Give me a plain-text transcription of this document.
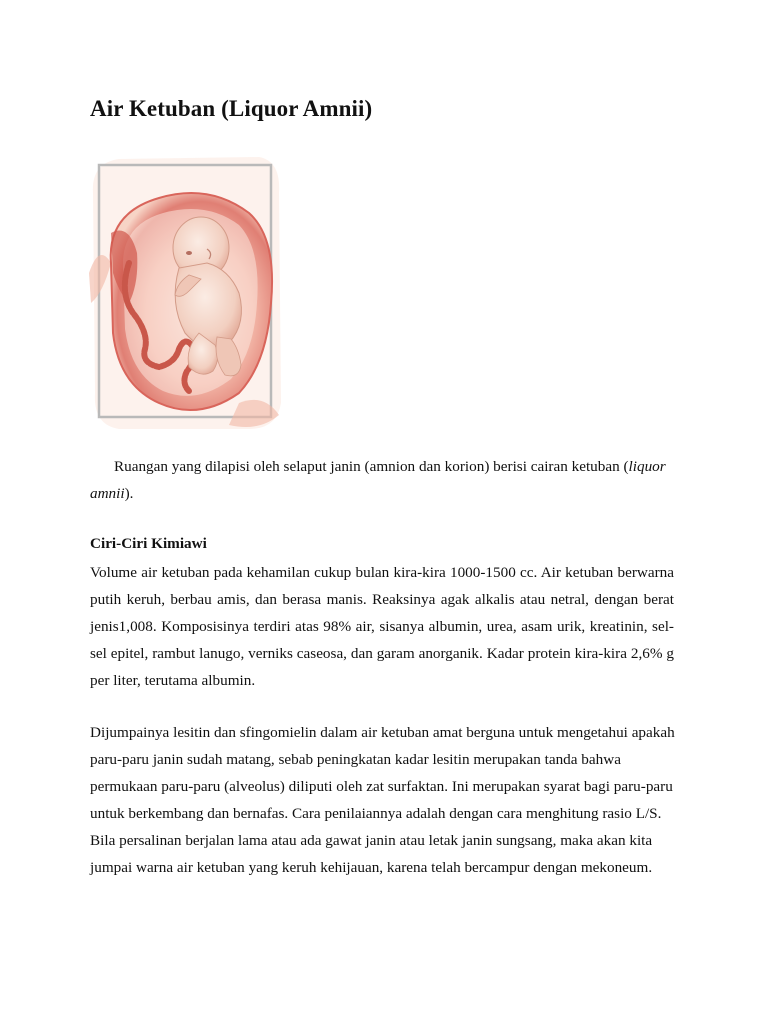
Air Ketuban (Liquor Amnii)

Ruangan yang dilapisi oleh selaput janin (amnion dan korion) berisi cairan ketuban (liquor amnii).

Ciri-Ciri Kimiawi

Volume air ketuban pada kehamilan cukup bulan kira-kira 1000-1500 cc. Air ketuban berwarna putih keruh, berbau amis, dan berasa manis. Reaksinya agak alkalis atau netral, dengan berat jenis1,008. Komposisinya terdiri atas 98% air, sisanya albumin, urea, asam urik, kreatinin, sel-sel epitel, rambut lanugo, verniks caseosa, dan garam anorganik. Kadar protein kira-kira 2,6% g per liter, terutama albumin.

Dijumpainya lesitin dan sfingomielin dalam air ketuban amat berguna untuk mengetahui apakah paru-paru janin sudah matang, sebab peningkatan kadar lesitin merupakan tanda bahwa permukaan paru-paru (alveolus) diliputi oleh zat surfaktan. Ini merupakan syarat bagi paru-paru untuk berkembang dan bernafas. Cara penilaiannya adalah dengan cara menghitung rasio L/S. Bila persalinan berjalan lama atau ada gawat janin atau letak janin sungsang, maka akan kita jumpai warna air ketuban yang keruh kehijauan, karena telah bercampur dengan mekoneum.
